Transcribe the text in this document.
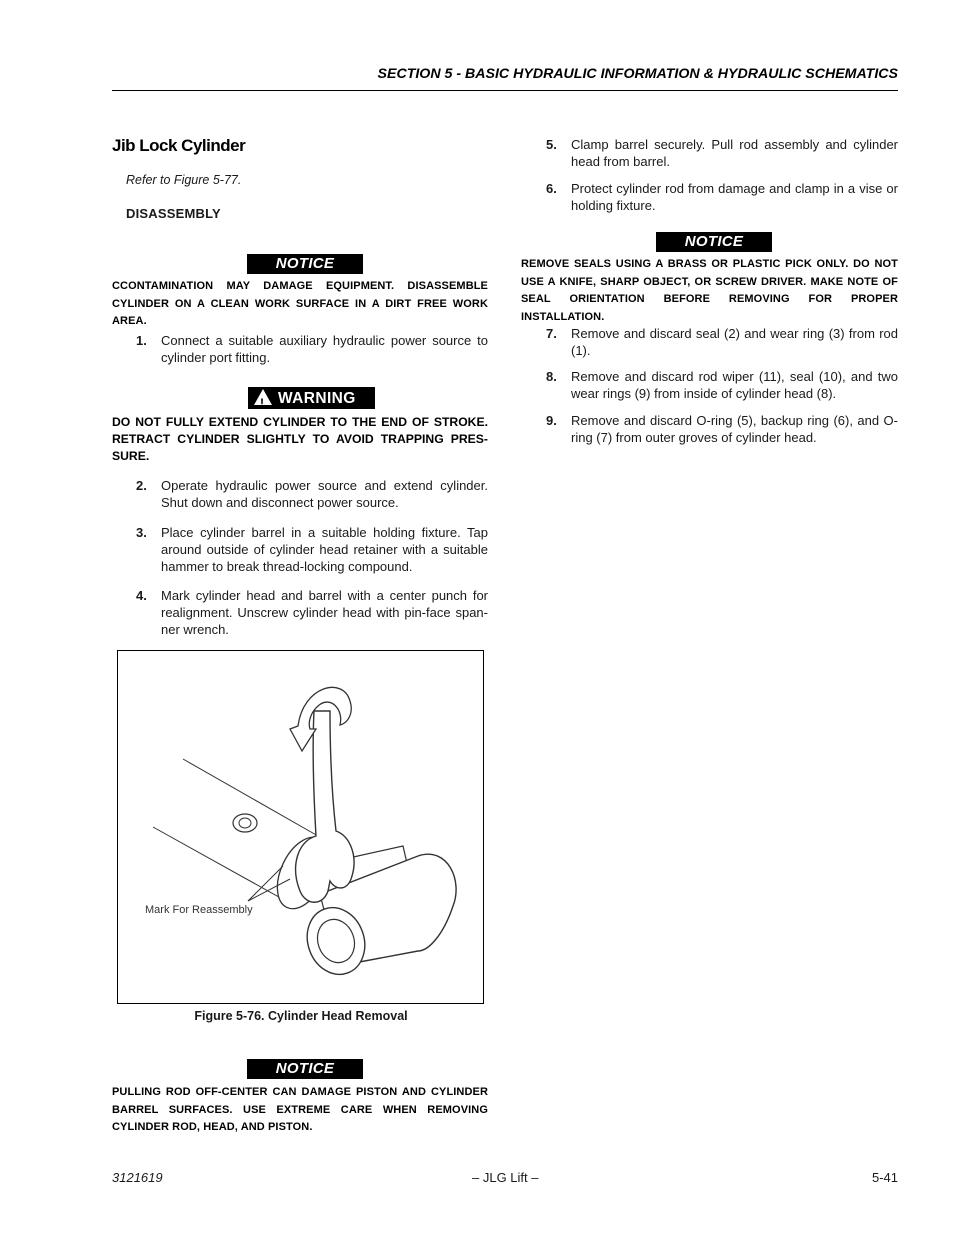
SECTION 5 - BASIC HYDRAULIC INFORMATION & HYDRAULIC SCHEMATICS
Jib Lock Cylinder
Refer to Figure 5-77.
DISASSEMBLY
NOTICE
CCONTAMINATION MAY DAMAGE EQUIPMENT. DISASSEMBLE CYLINDER ON A CLEAN WORK SURFACE IN A DIRT FREE WORK AREA.
1. Connect a suitable auxiliary hydraulic power source to cylinder port fitting.
! WARNING
DO NOT FULLY EXTEND CYLINDER TO THE END OF STROKE. RETRACT CYLINDER SLIGHTLY TO AVOID TRAPPING PRES-SURE.
2. Operate hydraulic power source and extend cylinder. Shut down and disconnect power source.
3. Place cylinder barrel in a suitable holding fixture. Tap around outside of cylinder head retainer with a suitable hammer to break thread-locking compound.
4. Mark cylinder head and barrel with a center punch for realignment. Unscrew cylinder head with pin-face span-ner wrench.
Mark For Reassembly
Figure 5-76. Cylinder Head Removal
NOTICE
PULLING ROD OFF-CENTER CAN DAMAGE PISTON AND CYLINDER BARREL SURFACES. USE EXTREME CARE WHEN REMOVING CYLINDER ROD, HEAD, AND PISTON.
5. Clamp barrel securely. Pull rod assembly and cylinder head from barrel.
6. Protect cylinder rod from damage and clamp in a vise or holding fixture.
NOTICE
REMOVE SEALS USING A BRASS OR PLASTIC PICK ONLY. DO NOT USE A KNIFE, SHARP OBJECT, OR SCREW DRIVER. MAKE NOTE OF SEAL ORIENTATION BEFORE REMOVING FOR PROPER INSTALLATION.
7. Remove and discard seal (2) and wear ring (3) from rod (1).
8. Remove and discard rod wiper (11), seal (10), and two wear rings (9) from inside of cylinder head (8).
9. Remove and discard O-ring (5), backup ring (6), and O-ring (7) from outer groves of cylinder head.
3121619	– JLG Lift –	5-41
